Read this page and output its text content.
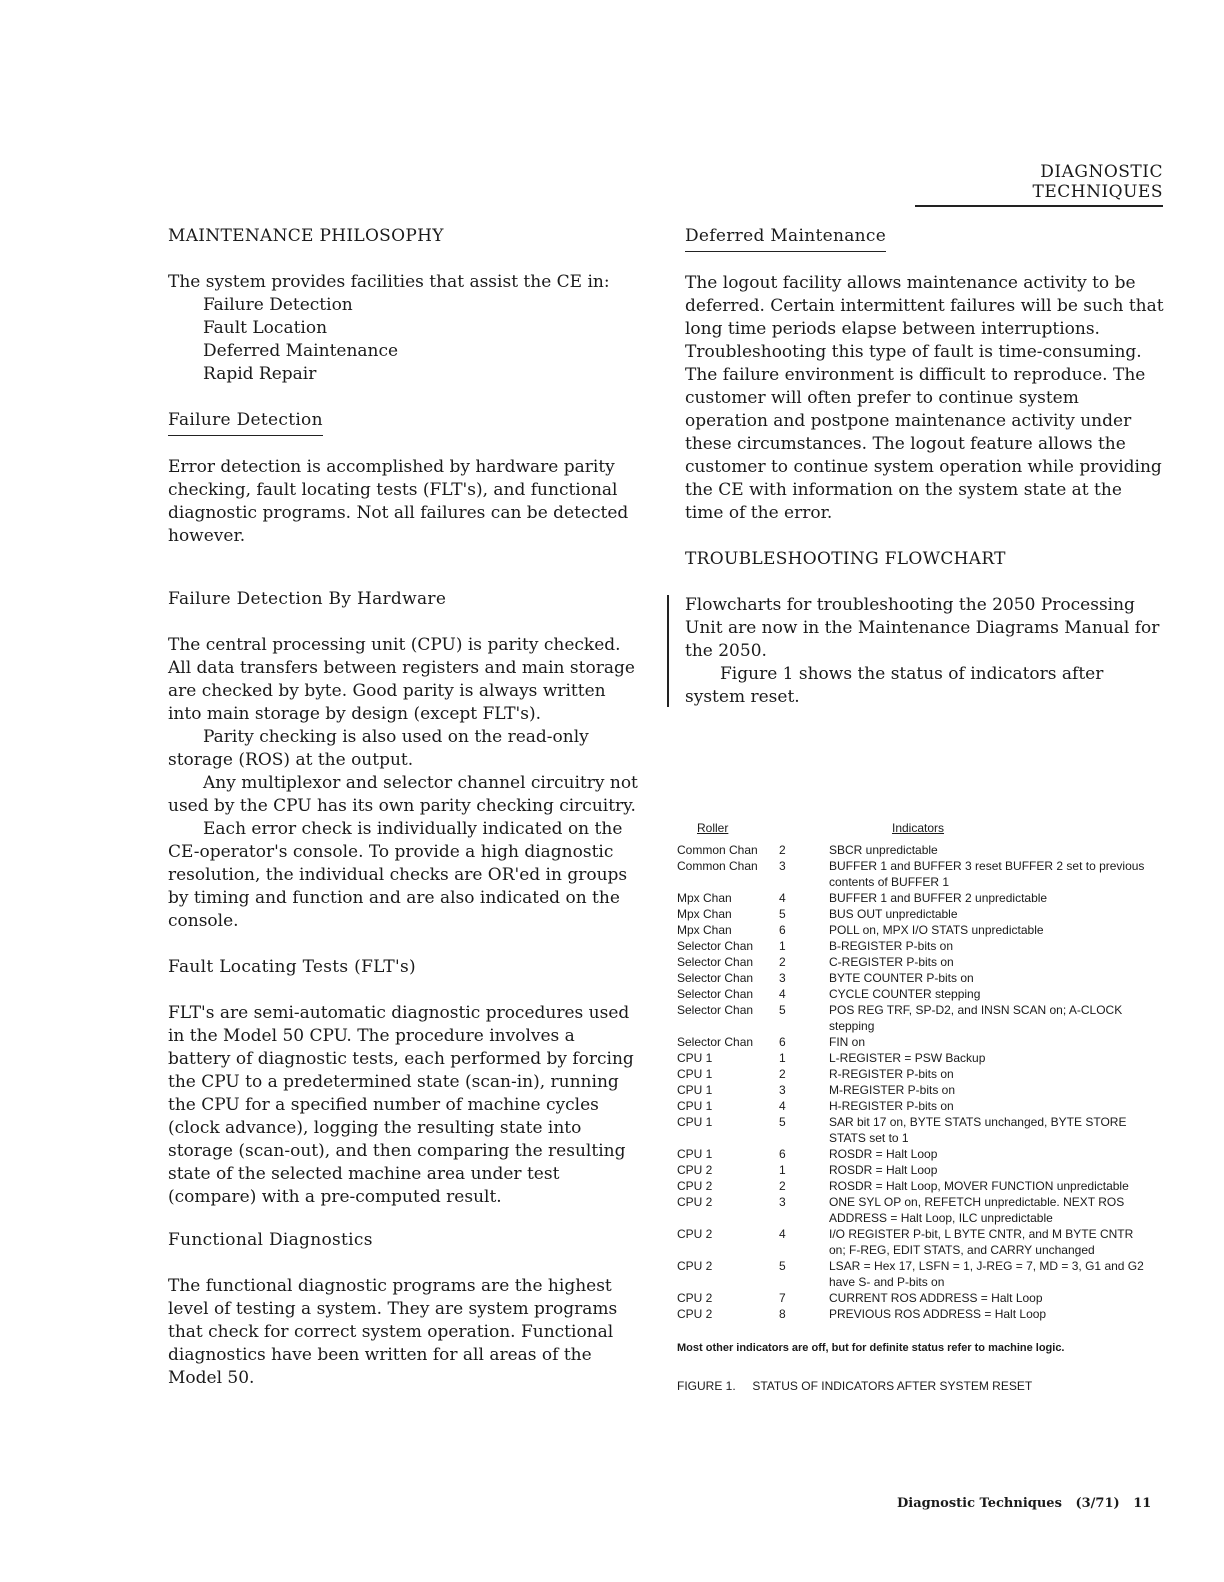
DIAGNOSTIC TECHNIQUES
MAINTENANCE PHILOSOPHY

The system provides facilities that assist the CE in:

Failure Detection
Fault Location
Deferred Maintenance
Rapid Repair
Failure Detection

Error detection is accomplished by hardware parity checking, fault locating tests (FLT's), and functional diagnostic programs. Not all failures can be detected however.

Failure Detection By Hardware

The central processing unit (CPU) is parity checked. All data transfers between registers and main storage are checked by byte. Good parity is always written into main storage by design (except FLT's).

Parity checking is also used on the read-only storage (ROS) at the output.

Any multiplexor and selector channel circuitry not used by the CPU has its own parity checking circuitry.

Each error check is individually indicated on the CE-operator's console. To provide a high diagnostic resolution, the individual checks are OR'ed in groups by timing and function and are also indicated on the console.

Fault Locating Tests (FLT's)

FLT's are semi-automatic diagnostic procedures used in the Model 50 CPU. The procedure involves a battery of diagnostic tests, each performed by forcing the CPU to a predetermined state (scan-in), running the CPU for a specified number of machine cycles (clock advance), logging the resulting state into storage (scan-out), and then comparing the resulting state of the selected machine area under test (compare) with a pre-computed result.

Functional Diagnostics

The functional diagnostic programs are the highest level of testing a system. They are system programs that check for correct system operation. Functional diagnostics have been written for all areas of the Model 50.

Deferred Maintenance

The logout facility allows maintenance activity to be deferred. Certain intermittent failures will be such that long time periods elapse between interruptions. Troubleshooting this type of fault is time-consuming. The failure environment is difficult to reproduce. The customer will often prefer to continue system operation and postpone maintenance activity under these circumstances. The logout feature allows the customer to continue system operation while providing the CE with information on the system state at the time of the error.

TROUBLESHOOTING FLOWCHART

Flowcharts for troubleshooting the 2050 Processing Unit are now in the Maintenance Diagrams Manual for the 2050.

Figure 1 shows the status of indicators after system reset.

Roller	Indicators
Common Chan	2	SBCR unpredictable
Common Chan	3	BUFFER 1 and BUFFER 3 reset BUFFER 2 set to previous contents of BUFFER 1
Mpx Chan	4	BUFFER 1 and BUFFER 2 unpredictable
Mpx Chan	5	BUS OUT unpredictable
Mpx Chan	6	POLL on, MPX I/O STATS unpredictable
Selector Chan	1	B-REGISTER P-bits on
Selector Chan	2	C-REGISTER P-bits on
Selector Chan	3	BYTE COUNTER P-bits on
Selector Chan	4	CYCLE COUNTER stepping
Selector Chan	5	POS REG TRF, SP-D2, and INSN SCAN on; A-CLOCK stepping
Selector Chan	6	FIN on
CPU 1	1	L-REGISTER = PSW Backup
CPU 1	2	R-REGISTER P-bits on
CPU 1	3	M-REGISTER P-bits on
CPU 1	4	H-REGISTER P-bits on
CPU 1	5	SAR bit 17 on, BYTE STATS unchanged, BYTE STORE STATS set to 1
CPU 1	6	ROSDR = Halt Loop
CPU 2	1	ROSDR = Halt Loop
CPU 2	2	ROSDR = Halt Loop, MOVER FUNCTION unpredictable
CPU 2	3	ONE SYL OP on, REFETCH unpredictable. NEXT ROS ADDRESS = Halt Loop, ILC unpredictable
CPU 2	4	I/O REGISTER P-bit, L BYTE CNTR, and M BYTE CNTR on; F-REG, EDIT STATS, and CARRY unchanged
CPU 2	5	LSAR = Hex 17, LSFN = 1, J-REG = 7, MD = 3, G1 and G2 have S- and P-bits on
CPU 2	7	CURRENT ROS ADDRESS = Halt Loop
CPU 2	8	PREVIOUS ROS ADDRESS = Halt Loop
Most other indicators are off, but for definite status refer to machine logic.
FIGURE 1.     STATUS OF INDICATORS AFTER SYSTEM RESET
Diagnostic Techniques   (3/71)   11
